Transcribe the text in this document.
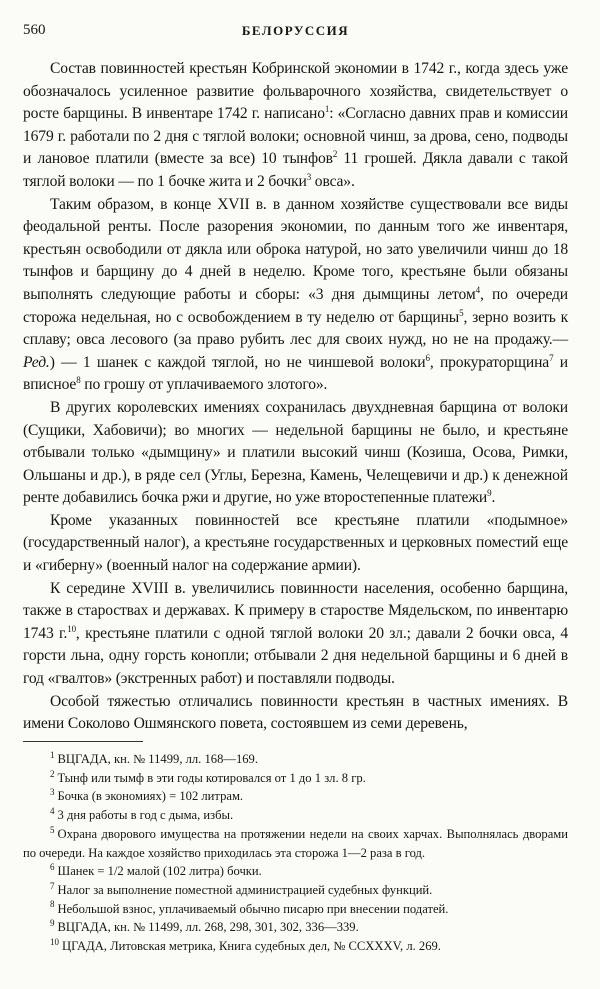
560	БЕЛОРУССИЯ

Состав повинностей крестьян Кобринской экономии в 1742 г., когда здесь уже обозначалось усиленное развитие фольварочного хозяйства, свидетельствует о росте барщины. В инвентаре 1742 г. написано$^1$: «Согласно давних прав и комиссии 1679 г. работали по 2 дня с тяглой волоки; основной чинш, за дрова, сено, подводы и лановое платили (вместе за все) 10 тынфов$^2$ 11 грошей. Дякла давали с такой тяглой волоки — по 1 бочке жита и 2 бочки$^3$ овса».

Таким образом, в конце XVII в. в данном хозяйстве существовали все виды феодальной ренты. После разорения экономии, по данным того же инвентаря, крестьян освободили от дякла или оброка натурой, но зато увеличили чинш до 18 тынфов и барщину до 4 дней в неделю. Кроме того, крестьяне были обязаны выполнять следующие работы и сборы: «3 дня дымщины летом$^4$, по очереди сторожа недельная, но с освобождением в ту неделю от барщины$^5$, зерно возить к сплаву; овса лесового (за право рубить лес для своих нужд, но не на продажу.— Ред.) — 1 шанек с каждой тяглой, но не чиншевой волоки$^6$, прокураторщина$^7$ и вписное$^8$ по грошу от уплачиваемого злотого».

В других королевских имениях сохранилась двухдневная барщина от волоки (Сущики, Хабовичи); во многих — недельной барщины не было, и крестьяне отбывали только «дымщину» и платили высокий чинш (Козиша, Осова, Римки, Ольшаны и др.), в ряде сел (Углы, Березна, Камень, Челещевичи и др.) к денежной ренте добавились бочка ржи и другие, но уже второстепенные платежи$^9$.

Кроме указанных повинностей все крестьяне платили «подымное» (государственный налог), а крестьяне государственных и церковных поместий еще и «гиберну» (военный налог на содержание армии).

К середине XVIII в. увеличились повинности населения, особенно барщина, также в староствах и державах. К примеру в старостве Мядельском, по инвентарю 1743 г.$^{10}$, крестьяне платили с одной тяглой волоки 20 зл.; давали 2 бочки овса, 4 горсти льна, одну горсть конопли; отбывали 2 дня недельной барщины и 6 дней в год «гвалтов» (экстренных работ) и поставляли подводы.

Особой тяжестью отличались повинности крестьян в частных имениях. В имени Соколово Ошмянского повета, состоявшем из семи деревень,

$^1$ ВЦГАДА, кн. № 11499, лл. 168—169.

$^2$ Тынф или тымф в эти годы котировался от 1 до 1 зл. 8 гр.

$^3$ Бочка (в экономиях) = 102 литрам.

$^4$ 3 дня работы в год с дыма, избы.

$^5$ Охрана дворового имущества на протяжении недели на своих харчах. Выполнялась дворами по очереди. На каждое хозяйство приходилась эта сторожа 1—2 раза в год.

$^6$ Шанек = 1/2 малой (102 литра) бочки.

$^7$ Налог за выполнение поместной администрацией судебных функций.

$^8$ Небольшой взнос, уплачиваемый обычно писарю при внесении податей.

$^9$ ВЦГАДА, кн. № 11499, лл. 268, 298, 301, 302, 336—339.

$^{10}$ ЦГАДА, Литовская метрика, Книга судебных дел, № CCXXXV, л. 269.
